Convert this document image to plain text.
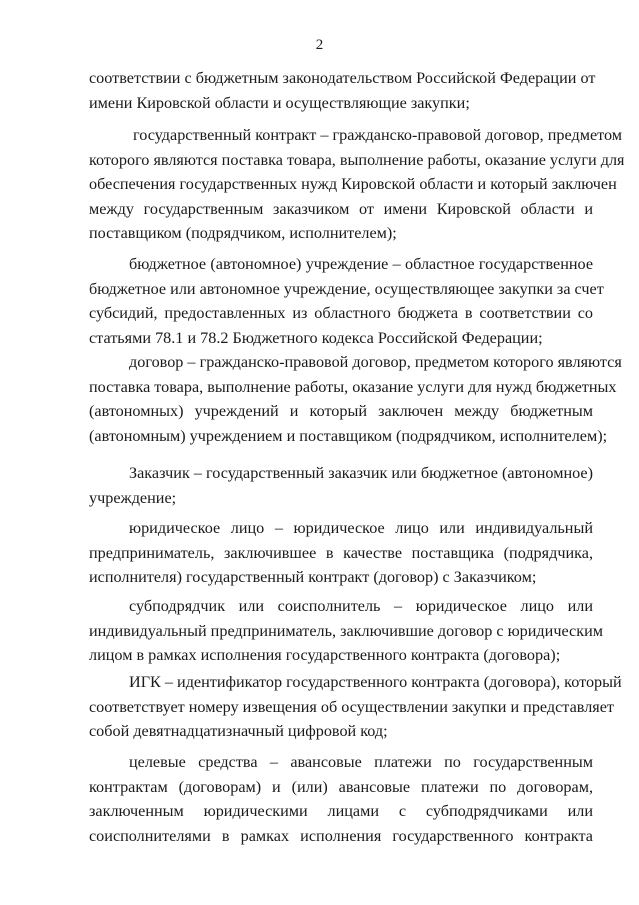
2
соответствии с бюджетным законодательством Российской Федерации от
имени Кировской области и осуществляющие закупки;
государственный контракт – гражданско-правовой договор, предметом
которого являются поставка товара, выполнение работы, оказание услуги для
обеспечения государственных нужд Кировской области и который заключен
между государственным заказчиком от имени Кировской области и
поставщиком (подрядчиком, исполнителем);
бюджетное (автономное) учреждение – областное государственное
бюджетное или автономное учреждение, осуществляющее закупки за счет
субсидий, предоставленных из областного бюджета в соответствии со
статьями 78.1 и 78.2 Бюджетного кодекса Российской Федерации;
договор – гражданско-правовой договор, предметом которого являются
поставка товара, выполнение работы, оказание услуги для нужд бюджетных
(автономных) учреждений и который заключен между бюджетным
(автономным) учреждением и поставщиком (подрядчиком, исполнителем);
Заказчик – государственный заказчик или бюджетное (автономное)
учреждение;
юридическое лицо – юридическое лицо или индивидуальный
предприниматель, заключившее в качестве поставщика (подрядчика,
исполнителя) государственный контракт (договор) с Заказчиком;
субподрядчик или соисполнитель – юридическое лицо или
индивидуальный предприниматель, заключившие договор с юридическим
лицом в рамках исполнения государственного контракта (договора);
ИГК – идентификатор государственного контракта (договора), который
соответствует номеру извещения об осуществлении закупки и представляет
собой девятнадцатизначный цифровой код;
целевые средства – авансовые платежи по государственным
контрактам (договорам) и (или) авансовые платежи по договорам,
заключенным юридическими лицами с субподрядчиками или
соисполнителями в рамках исполнения государственного контракта
